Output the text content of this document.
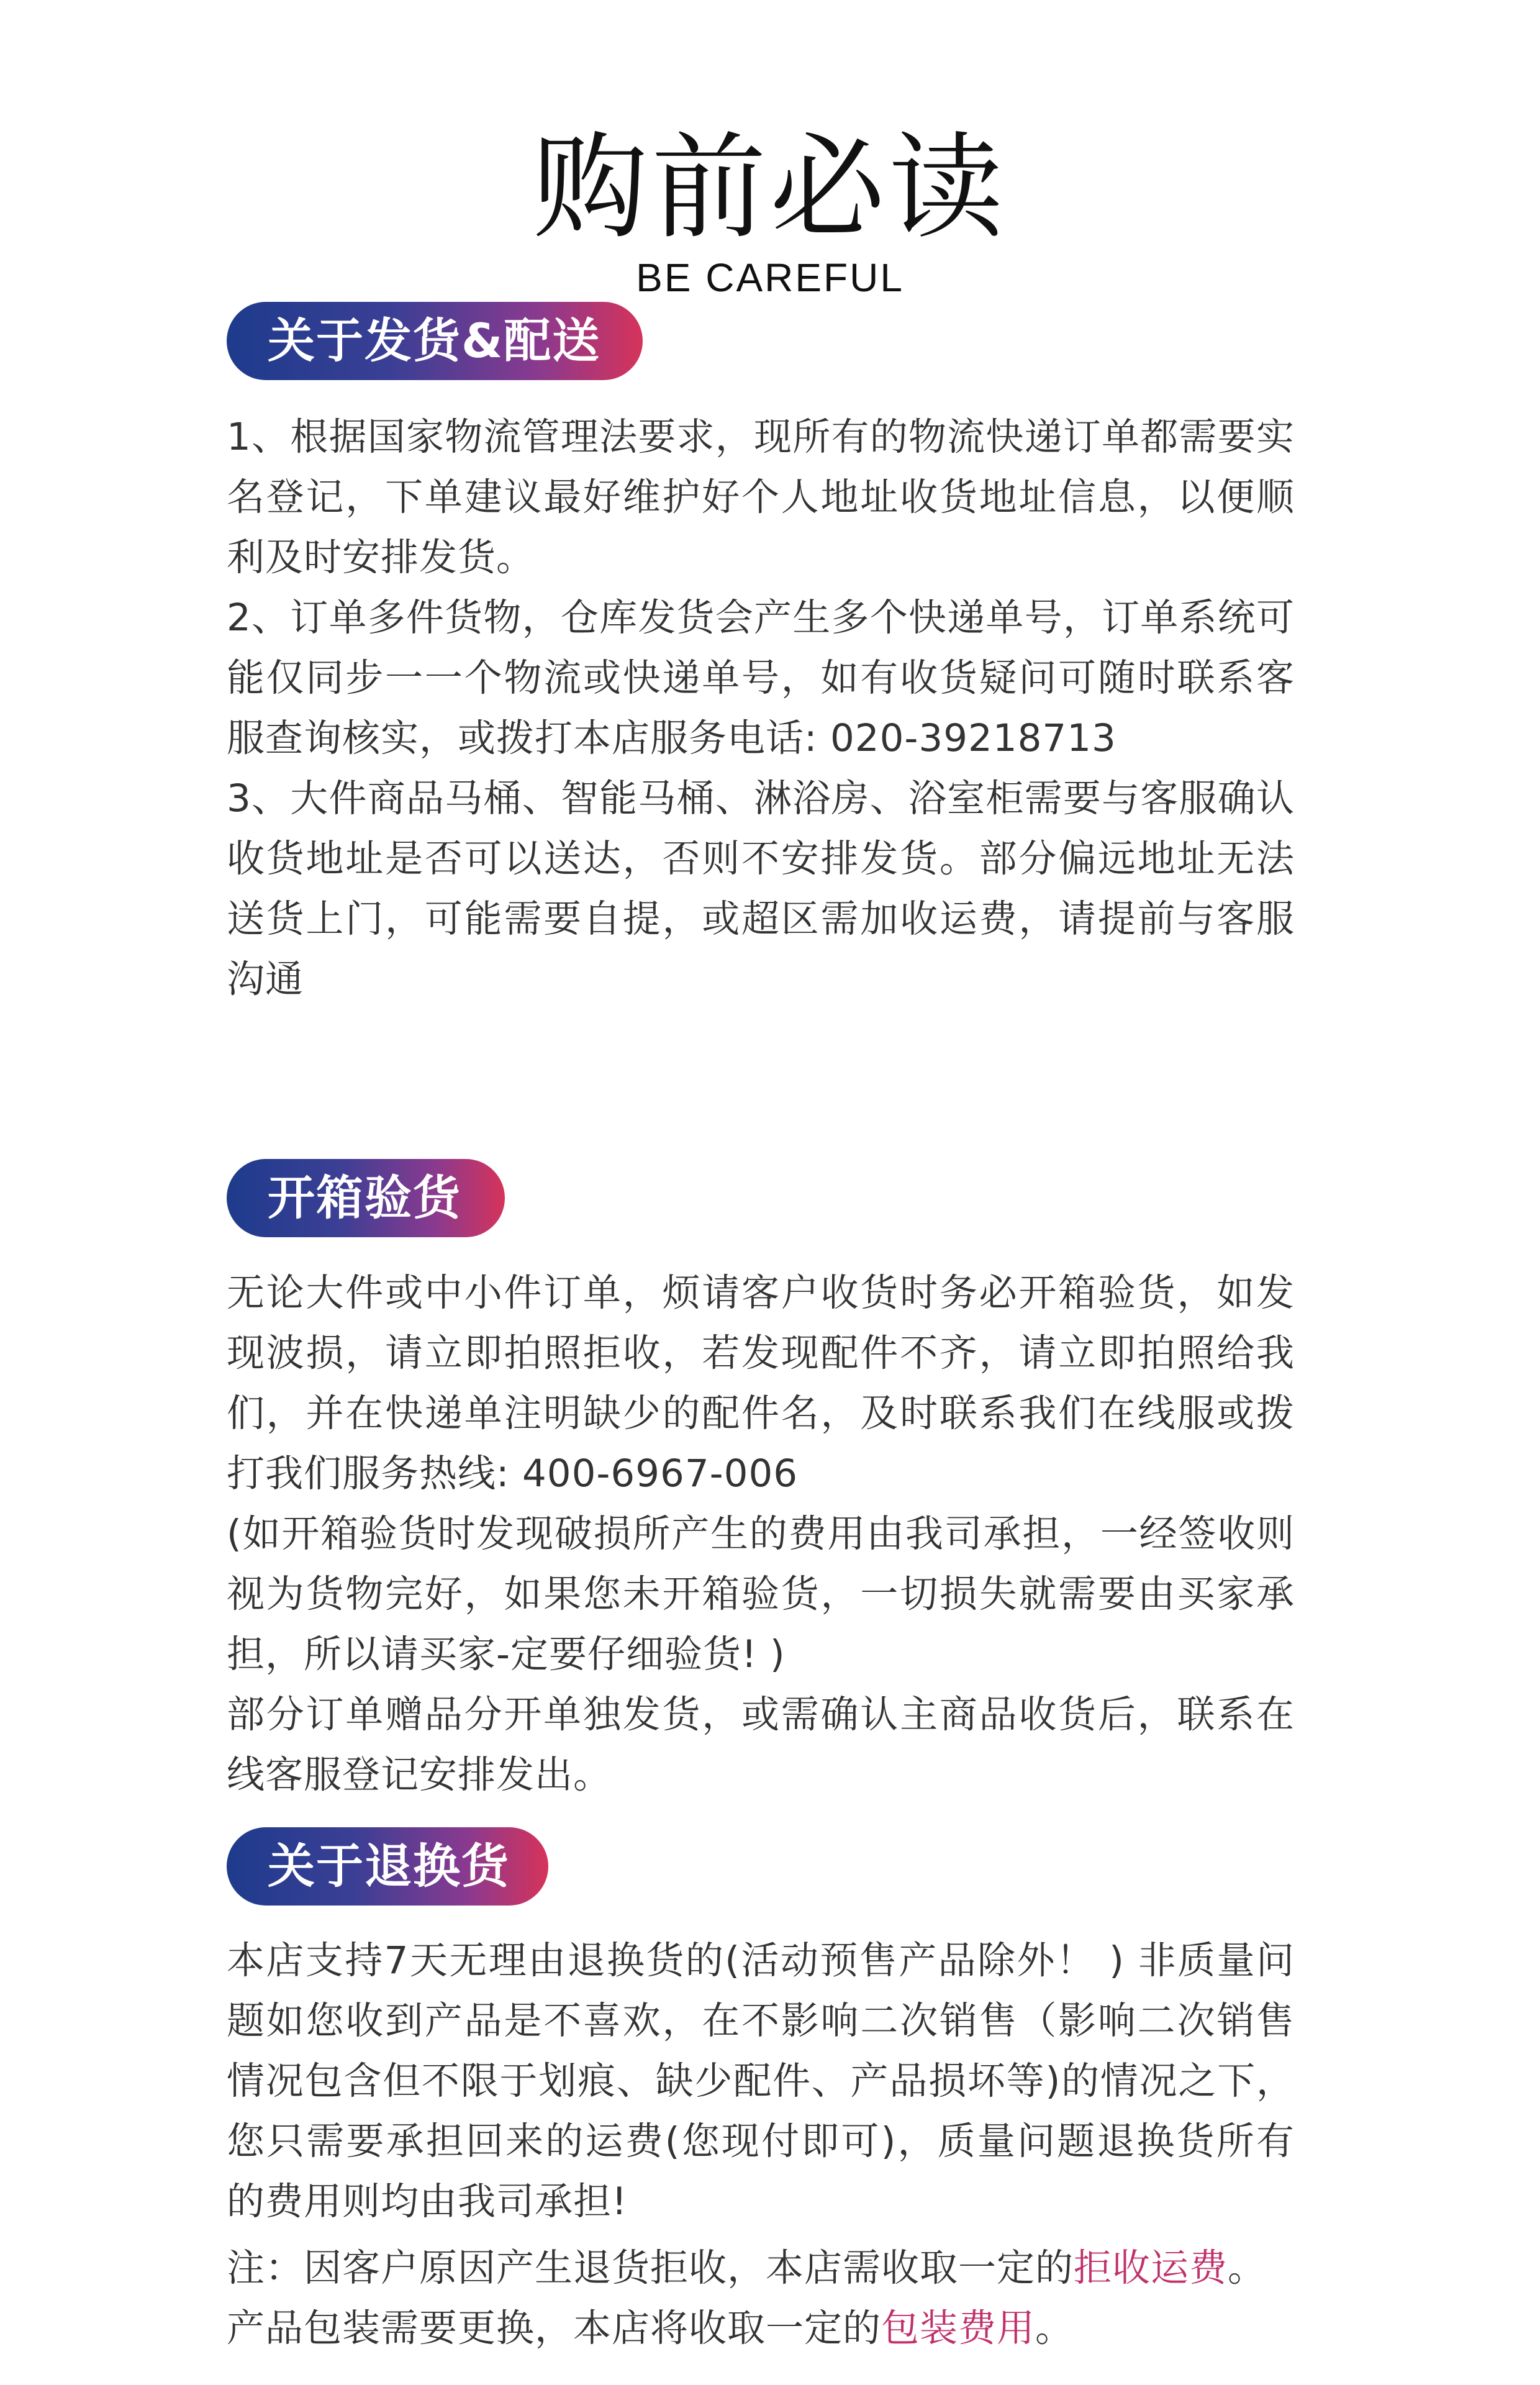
购前必读
BE CAREFUL
关于发货&配送

1、根据国家物流管理法要求，现所有的物流快递订单都需要实名登记，下单建议最好维护好个人地址收货地址信息，以便顺利及时安排发货。

2、订单多件货物，仓库发货会产生多个快递单号，订单系统可能仅同步一一个物流或快递单号，如有收货疑问可随时联系客服查询核实，或拨打本店服务电话: 020-39218713

3、大件商品马桶、智能马桶、淋浴房、浴室柜需要与客服确认收货地址是否可以送达，否则不安排发货。部分偏远地址无法送货上门，可能需要自提，或超区需加收运费，请提前与客服沟通

开箱验货

无论大件或中小件订单，烦请客户收货时务必开箱验货，如发现波损，请立即拍照拒收，若发现配件不齐，请立即拍照给我们，并在快递单注明缺少的配件名，及时联系我们在线服或拨打我们服务热线: 400-6967-006

(如开箱验货时发现破损所产生的费用由我司承担，一经签收则视为货物完好，如果您未开箱验货，一切损失就需要由买家承担，所以请买家-定要仔细验货! )

部分订单赠品分开单独发货，或需确认主商品收货后，联系在线客服登记安排发出。

关于退换货

本店支持7天无理由退换货的(活动预售产品除外！ ) 非质量问题如您收到产品是不喜欢，在不影响二次销售（影响二次销售情况包含但不限于划痕、缺少配件、产品损坏等)的情况之下，您只需要承担回来的运费(您现付即可)，质量问题退换货所有的费用则均由我司承担!

注：因客户原因产生退货拒收，本店需收取一定的拒收运费。产品包装需要更换，本店将收取一定的包装费用。
